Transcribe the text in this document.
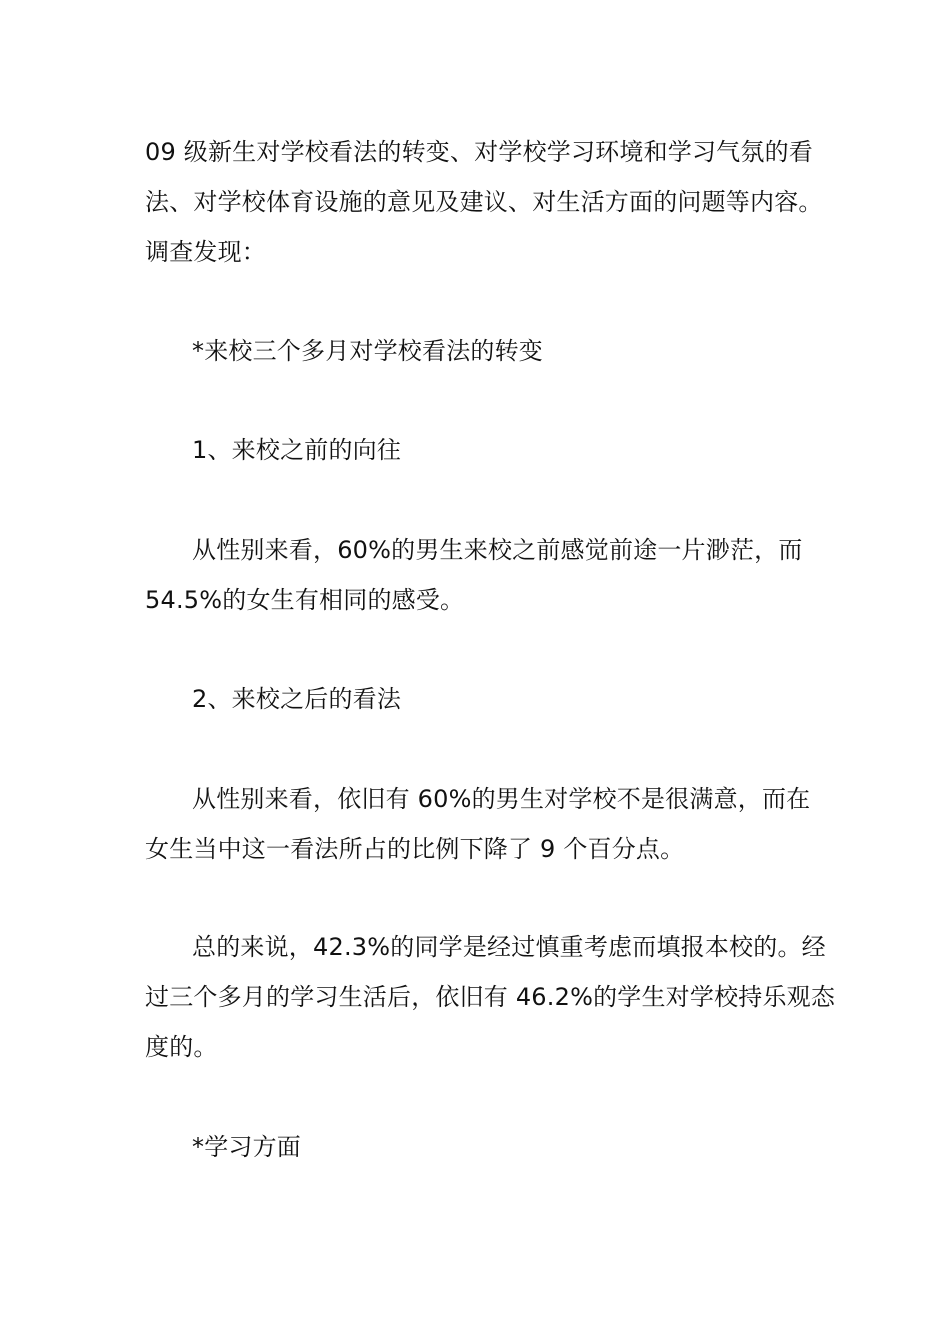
09 级新生对学校看法的转变、对学校学习环境和学习气氛的看
法、对学校体育设施的意见及建议、对生活方面的问题等内容。
调查发现：
*来校三个多月对学校看法的转变
1、来校之前的向往
从性别来看，60%的男生来校之前感觉前途一片渺茫，而
54.5%的女生有相同的感受。
2、来校之后的看法
从性别来看，依旧有 60%的男生对学校不是很满意，而在
女生当中这一看法所占的比例下降了 9 个百分点。
总的来说，42.3%的同学是经过慎重考虑而填报本校的。经
过三个多月的学习生活后，依旧有 46.2%的学生对学校持乐观态
度的。
*学习方面
